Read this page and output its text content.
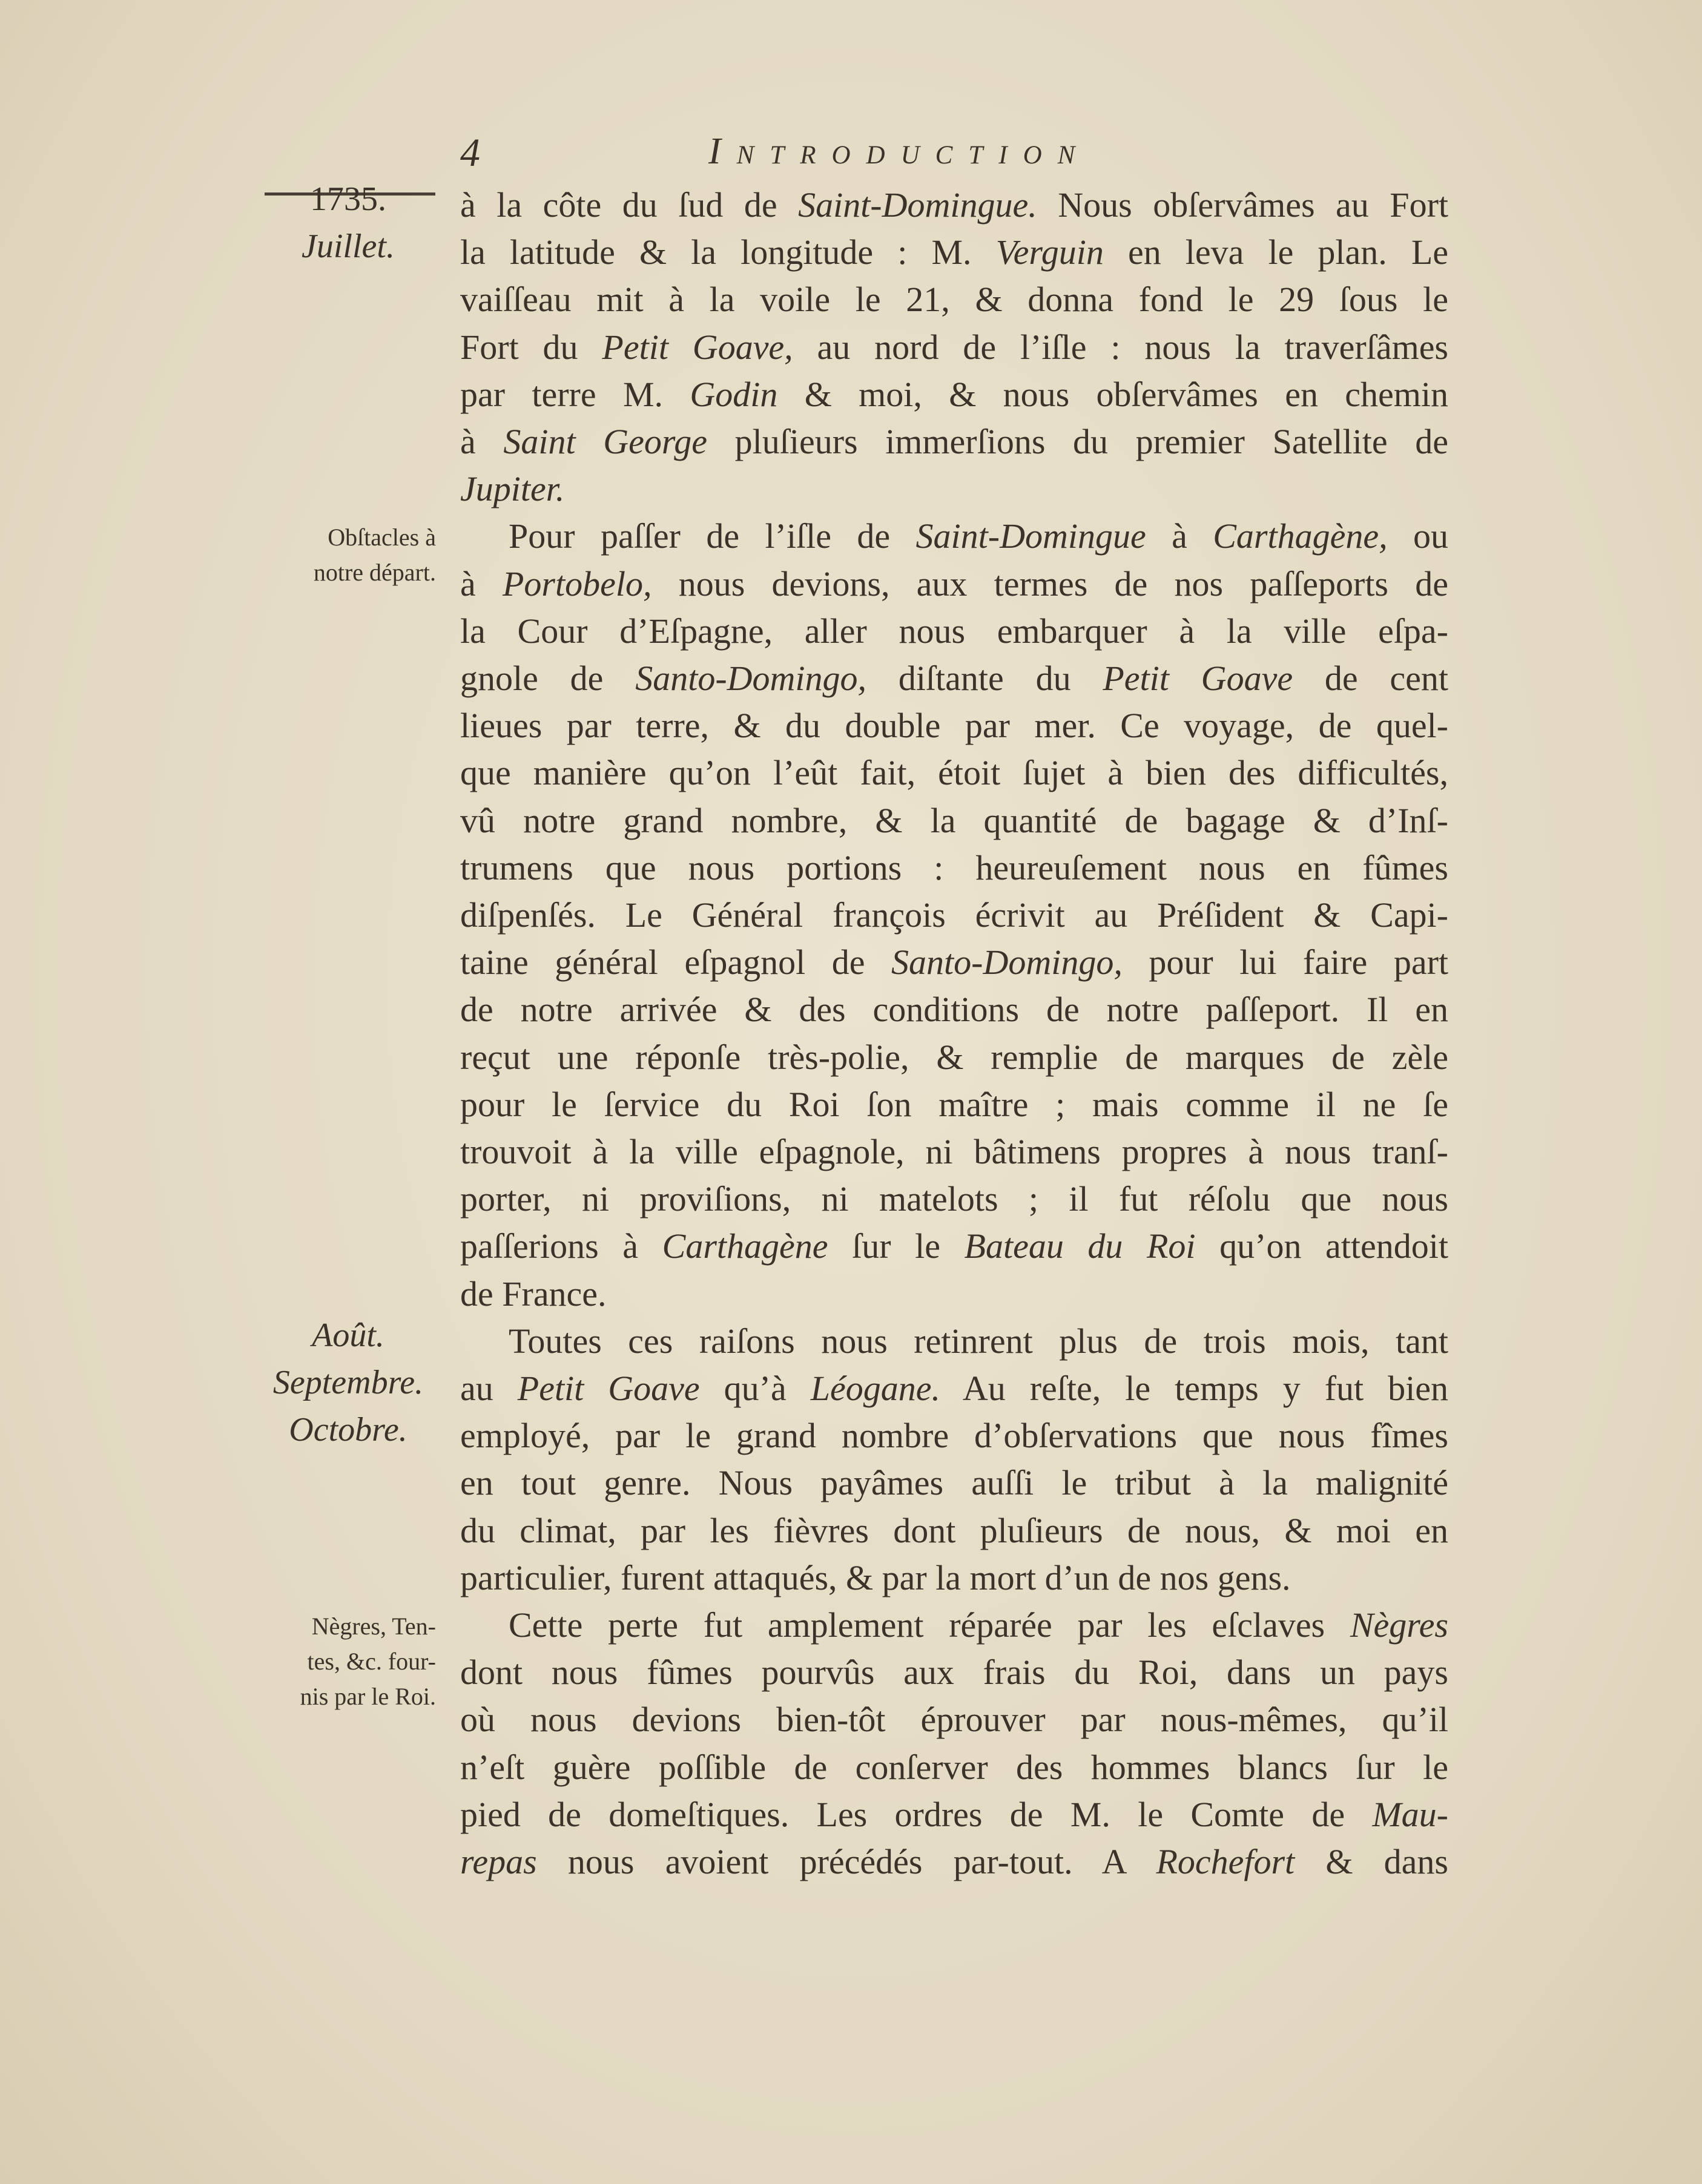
4	Introduction
1735.
Juillet.
Obſtacles à
notre départ.
Août.
Septembre.
Octobre.
Nègres, Ten-
tes, &c. four-
nis par le Roi.
à la côte du ſud de Saint-Domingue. Nous obſervâmes au Fort
la latitude & la longitude : M. Verguin en leva le plan. Le
vaiſſeau mit à la voile le 21, & donna fond le 29 ſous le
Fort du Petit Goave, au nord de l’iſle : nous la traverſâmes
par terre M. Godin & moi, & nous obſervâmes en chemin
à Saint George pluſieurs immerſions du premier Satellite de
Jupiter.
Pour paſſer de l’iſle de Saint-Domingue à Carthagène, ou
à Portobelo, nous devions, aux termes de nos paſſeports de
la Cour d’Eſpagne, aller nous embarquer à la ville eſpa-
gnole de Santo-Domingo, diſtante du Petit Goave de cent
lieues par terre, & du double par mer. Ce voyage, de quel-
que manière qu’on l’eût fait, étoit ſujet à bien des difficultés,
vû notre grand nombre, & la quantité de bagage & d’Inſ-
trumens que nous portions : heureuſement nous en fûmes
diſpenſés. Le Général françois écrivit au Préſident & Capi-
taine général eſpagnol de Santo-Domingo, pour lui faire part
de notre arrivée & des conditions de notre paſſeport. Il en
reçut une réponſe très-polie, & remplie de marques de zèle
pour le ſervice du Roi ſon maître ; mais comme il ne ſe
trouvoit à la ville eſpagnole, ni bâtimens propres à nous tranſ-
porter, ni proviſions, ni matelots ; il fut réſolu que nous
paſſerions à Carthagène ſur le Bateau du Roi qu’on attendoit
de France.
Toutes ces raiſons nous retinrent plus de trois mois, tant
au Petit Goave qu’à Léogane. Au reſte, le temps y fut bien
employé, par le grand nombre d’obſervations que nous fîmes
en tout genre. Nous payâmes auſſi le tribut à la malignité
du climat, par les fièvres dont pluſieurs de nous, & moi en
particulier, furent attaqués, & par la mort d’un de nos gens.
Cette perte fut amplement réparée par les eſclaves Nègres
dont nous fûmes pourvûs aux frais du Roi, dans un pays
où nous devions bien-tôt éprouver par nous-mêmes, qu’il
n’eſt guère poſſible de conſerver des hommes blancs ſur le
pied de domeſtiques. Les ordres de M. le Comte de Mau-
repas nous avoient précédés par-tout. A Rochefort & dans
